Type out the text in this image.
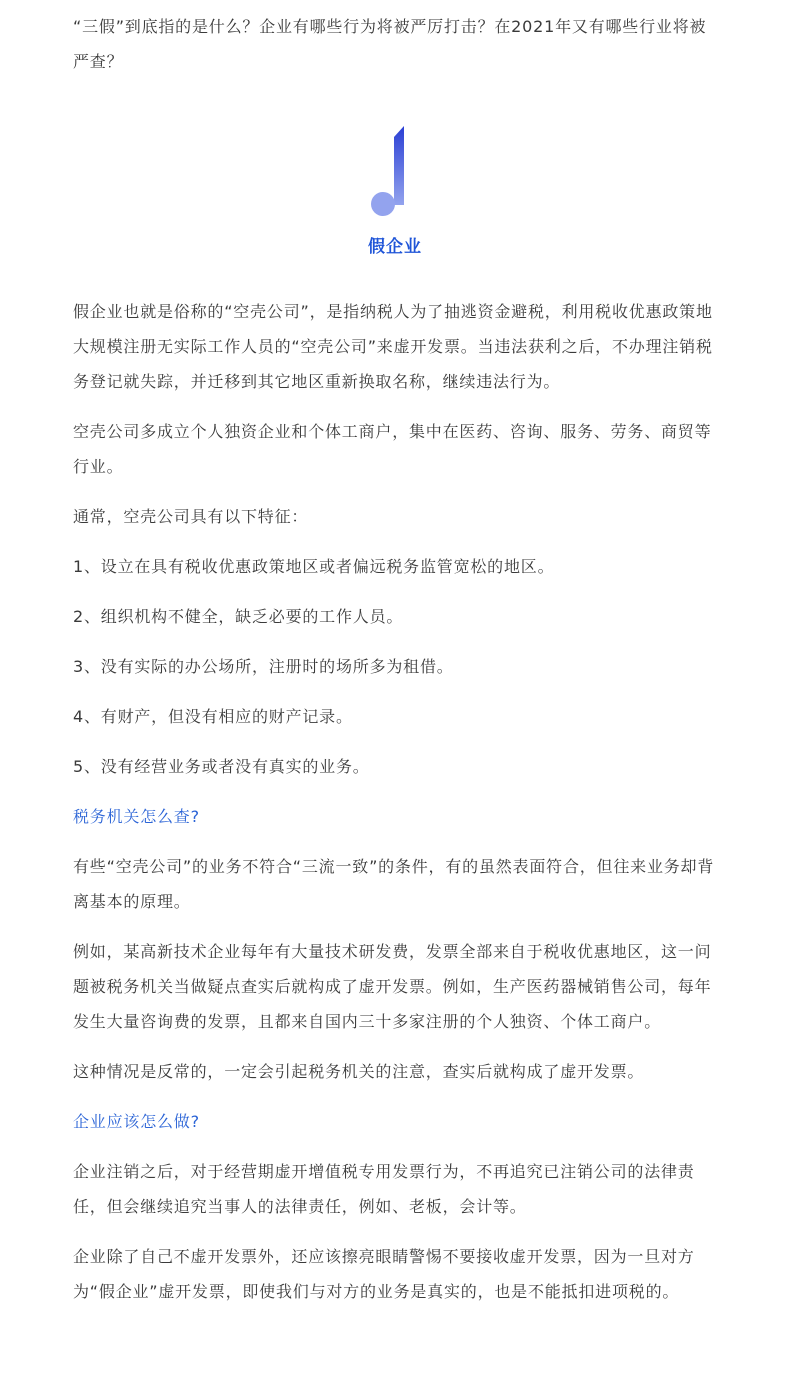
“三假”到底指的是什么？企业有哪些行为将被严厉打击？在2021年又有哪些行业将被严查？

假企业

假企业也就是俗称的“空壳公司”，是指纳税人为了抽逃资金避税，利用税收优惠政策地大规模注册无实际工作人员的“空壳公司”来虚开发票。当违法获利之后，不办理注销税务登记就失踪，并迁移到其它地区重新换取名称，继续违法行为。

空壳公司多成立个人独资企业和个体工商户，集中在医药、咨询、服务、劳务、商贸等行业。

通常，空壳公司具有以下特征：

1、设立在具有税收优惠政策地区或者偏远税务监管宽松的地区。

2、组织机构不健全，缺乏必要的工作人员。

3、没有实际的办公场所，注册时的场所多为租借。

4、有财产，但没有相应的财产记录。

5、没有经营业务或者没有真实的业务。

税务机关怎么查?

有些“空壳公司”的业务不符合“三流一致”的条件，有的虽然表面符合，但往来业务却背离基本的原理。

例如，某高新技术企业每年有大量技术研发费，发票全部来自于税收优惠地区，这一问题被税务机关当做疑点查实后就构成了虚开发票。例如，生产医药器械销售公司，每年发生大量咨询费的发票，且都来自国内三十多家注册的个人独资、个体工商户。

这种情况是反常的，一定会引起税务机关的注意，查实后就构成了虚开发票。

企业应该怎么做?

企业注销之后，对于经营期虚开增值税专用发票行为，不再追究已注销公司的法律责任，但会继续追究当事人的法律责任，例如、老板，会计等。

企业除了自己不虚开发票外，还应该擦亮眼睛警惕不要接收虚开发票，因为一旦对方为“假企业”虚开发票，即使我们与对方的业务是真实的，也是不能抵扣进项税的。
